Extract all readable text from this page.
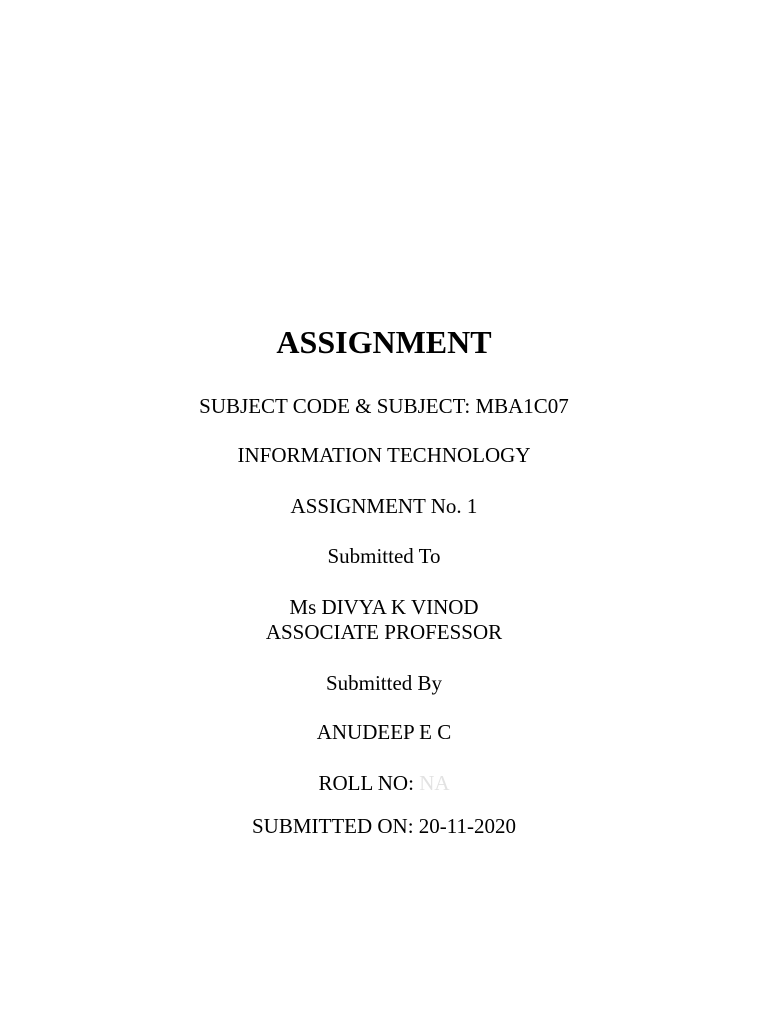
ASSIGNMENT
SUBJECT CODE & SUBJECT: MBA1C07
INFORMATION TECHNOLOGY
ASSIGNMENT No. 1
Submitted To
Ms DIVYA K VINOD
ASSOCIATE PROFESSOR
Submitted By
ANUDEEP E C
ROLL NO: NA
SUBMITTED ON: 20-11-2020
